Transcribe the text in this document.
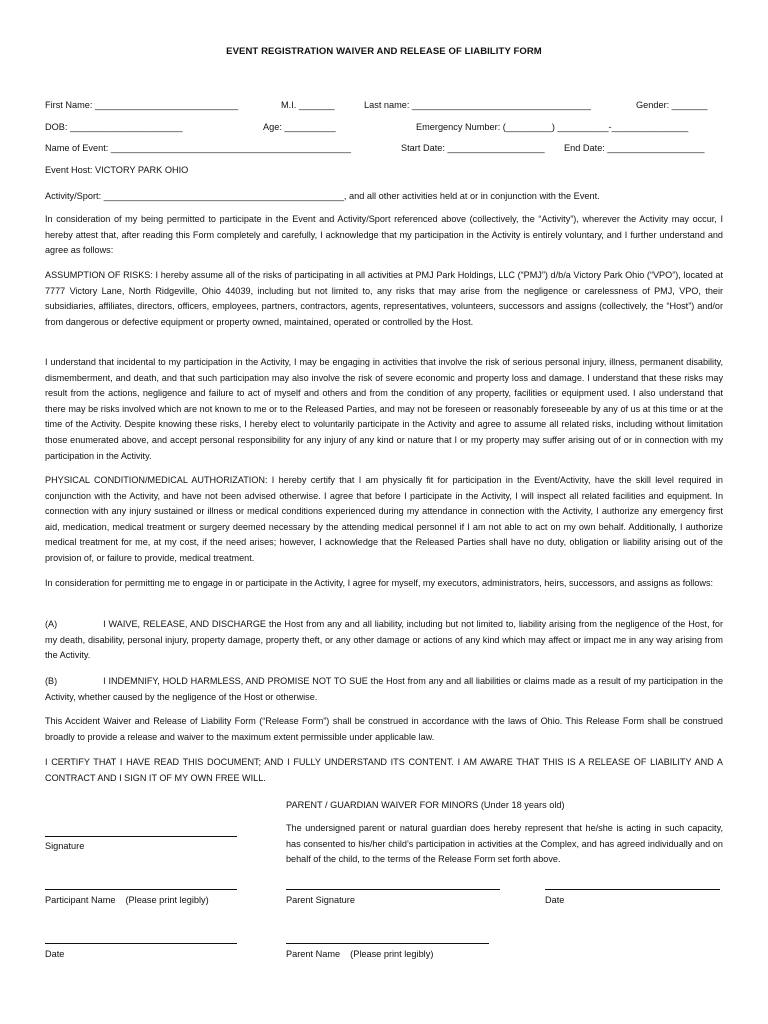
EVENT REGISTRATION WAIVER AND RELEASE OF LIABILITY FORM
First Name: ____________________________	M.I. _______	Last name: ___________________________________	Gender: _______
DOB: ______________________	Age: __________	Emergency Number: (_________) __________-_______________
Name of Event: _______________________________________________	Start Date: ___________________ End Date: ___________________
Event Host: VICTORY PARK OHIO
Activity/Sport: _______________________________________________, and all other activities held at or in conjunction with the Event.
In consideration of my being permitted to participate in the Event and Activity/Sport referenced above (collectively, the “Activity”), wherever the Activity may occur, I hereby attest that, after reading this Form completely and carefully, I acknowledge that my participation in the Activity is entirely voluntary, and I further understand and agree as follows:
ASSUMPTION OF RISKS: I hereby assume all of the risks of participating in all activities at PMJ Park Holdings, LLC (“PMJ”) d/b/a Victory Park Ohio (“VPO”), located at 7777 Victory Lane, North Ridgeville, Ohio 44039, including but not limited to, any risks that may arise from the negligence or carelessness of PMJ, VPO, their subsidiaries, affiliates, directors, officers, employees, partners, contractors, agents, representatives, volunteers, successors and assigns (collectively, the “Host”) and/or from dangerous or defective equipment or property owned, maintained, operated or controlled by the Host.
I understand that incidental to my participation in the Activity, I may be engaging in activities that involve the risk of serious personal injury, illness, permanent disability, dismemberment, and death, and that such participation may also involve the risk of severe economic and property loss and damage. I understand that these risks may result from the actions, negligence and failure to act of myself and others and from the condition of any property, facilities or equipment used. I also understand that there may be risks involved which are not known to me or to the Released Parties, and may not be foreseen or reasonably foreseeable by any of us at this time or at the time of the Activity. Despite knowing these risks, I hereby elect to voluntarily participate in the Activity and agree to assume all related risks, including without limitation those enumerated above, and accept personal responsibility for any injury of any kind or nature that I or my property may suffer arising out of or in connection with my participation in the Activity.
PHYSICAL CONDITION/MEDICAL AUTHORIZATION: I hereby certify that I am physically fit for participation in the Event/Activity, have the skill level required in conjunction with the Activity, and have not been advised otherwise. I agree that before I participate in the Activity, I will inspect all related facilities and equipment. In connection with any injury sustained or illness or medical conditions experienced during my attendance in connection with the Activity, I authorize any emergency first aid, medication, medical treatment or surgery deemed necessary by the attending medical personnel if I am not able to act on my own behalf. Additionally, I authorize medical treatment for me, at my cost, if the need arises; however, I acknowledge that the Released Parties shall have no duty, obligation or liability arising out of the provision of, or failure to provide, medical treatment.
In consideration for permitting me to engage in or participate in the Activity, I agree for myself, my executors, administrators, heirs, successors, and assigns as follows:
(A)	I WAIVE, RELEASE, AND DISCHARGE the Host from any and all liability, including but not limited to, liability arising from the negligence of the Host, for my death, disability, personal injury, property damage, property theft, or any other damage or actions of any kind which may affect or impact me in any way arising from the Activity.
(B)	I INDEMNIFY, HOLD HARMLESS, AND PROMISE NOT TO SUE the Host from any and all liabilities or claims made as a result of my participation in the Activity, whether caused by the negligence of the Host or otherwise.
This Accident Waiver and Release of Liability Form (“Release Form”) shall be construed in accordance with the laws of Ohio. This Release Form shall be construed broadly to provide a release and waiver to the maximum extent permissible under applicable law.
I CERTIFY THAT I HAVE READ THIS DOCUMENT; AND I FULLY UNDERSTAND ITS CONTENT. I AM AWARE THAT THIS IS A RELEASE OF LIABILITY AND A CONTRACT AND I SIGN IT OF MY OWN FREE WILL.
PARENT / GUARDIAN WAIVER FOR MINORS (Under 18 years old)
The undersigned parent or natural guardian does hereby represent that he/she is acting in such capacity, has consented to his/her child’s participation in activities at the Complex, and has agreed individually and on behalf of the child, to the terms of the Release Form set forth above.
Signature
Participant Name (Please print legibly)	Parent Signature	Date
Date	Parent Name (Please print legibly)
